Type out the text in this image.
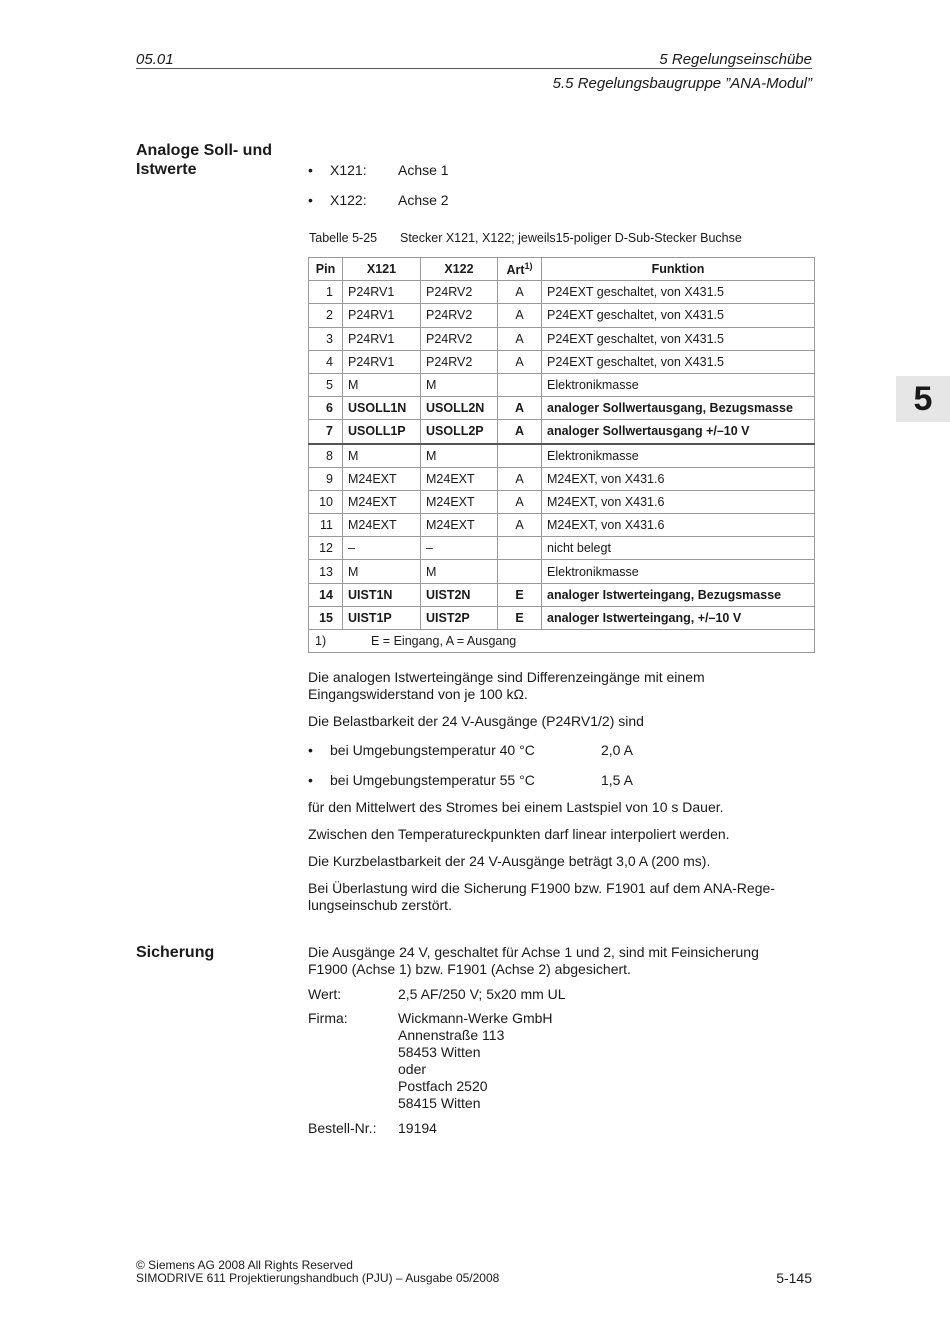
05.01	5 Regelungseinschübe
5.5 Regelungsbaugruppe ”ANA-Modul”
5
Analoge Soll- und
Istwerte	• X121: Achse 1
• X122: Achse 2
Tabelle 5-25 Stecker X121, X122; jeweils15-poliger D-Sub-Stecker Buchse
Pin	X121	X122	Art$^{1)}$	Funktion
1	P24RV1	P24RV2	A	P24EXT geschaltet, von X431.5
2	P24RV1	P24RV2	A	P24EXT geschaltet, von X431.5
3	P24RV1	P24RV2	A	P24EXT geschaltet, von X431.5
4	P24RV1	P24RV2	A	P24EXT geschaltet, von X431.5
5	M	M		Elektronikmasse
6	USOLL1N	USOLL2N	A	analoger Sollwertausgang, Bezugsmasse
7	USOLL1P	USOLL2P	A	analoger Sollwertausgang +/–10 V
8	M	M		Elektronikmasse
9	M24EXT	M24EXT	A	M24EXT, von X431.6
10	M24EXT	M24EXT	A	M24EXT, von X431.6
11	M24EXT	M24EXT	A	M24EXT, von X431.6
12	–	–		nicht belegt
13	M	M		Elektronikmasse
14	UIST1N	UIST2N	E	analoger Istwerteingang, Bezugsmasse
15	UIST1P	UIST2P	E	analoger Istwerteingang, +/–10 V
1) E = Eingang, A = Ausgang				
Die analogen Istwerteingänge sind Differenzeingänge mit einem Eingangswiderstand von je 100 kΩ.
Die Belastbarkeit der 24 V-Ausgänge (P24RV1/2) sind
• bei Umgebungstemperatur 40 °C	2,0 A
• bei Umgebungstemperatur 55 °C	1,5 A
für den Mittelwert des Stromes bei einem Lastspiel von 10 s Dauer.
Zwischen den Temperatureckpunkten darf linear interpoliert werden.
Die Kurzbelastbarkeit der 24 V-Ausgänge beträgt 3,0 A (200 ms).
Bei Überlastung wird die Sicherung F1900 bzw. F1901 auf dem ANA-Rege-
lungseinschub zerstört.
Sicherung	Die Ausgänge 24 V, geschaltet für Achse 1 und 2, sind mit Feinsicherung
F1900 (Achse 1) bzw. F1901 (Achse 2) abgesichert.
Wert:	2,5 AF/250 V; 5x20 mm UL
Firma:	Wickmann-Werke GmbH
Annenstraße 113
58453 Witten
oder
Postfach 2520
58415 Witten
Bestell-Nr.: 19194
© Siemens AG 2008 All Rights Reserved
SIMODRIVE 611 Projektierungshandbuch (PJU) – Ausgabe 05/2008	5-145
